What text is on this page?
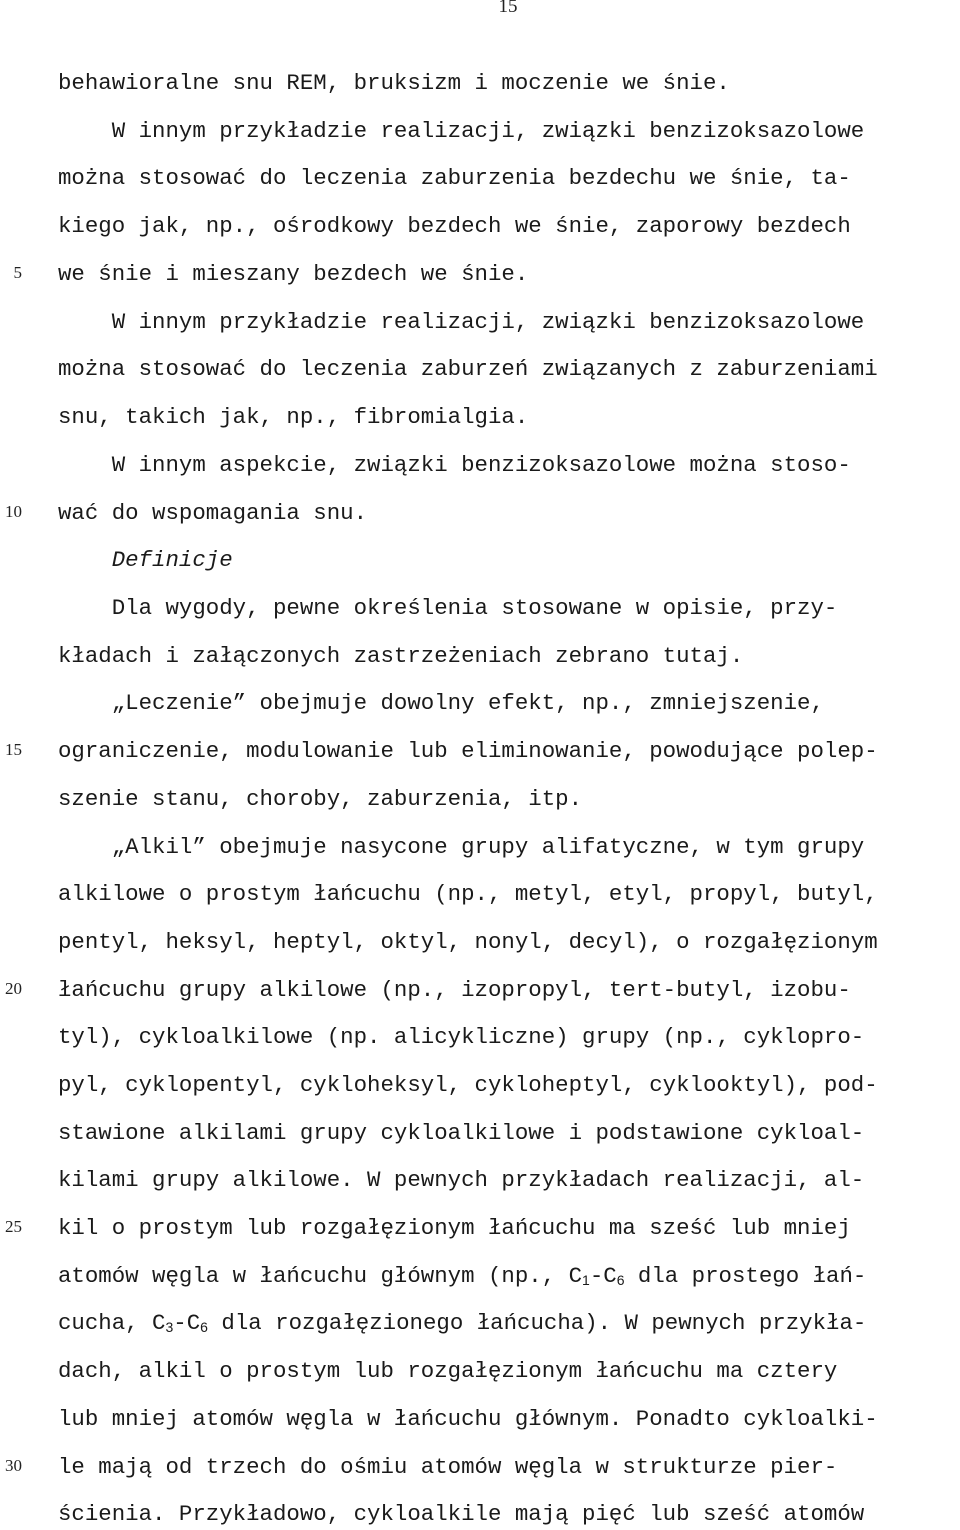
15
5
10
15
20
25
30
behawioralne snu REM, bruksizm i moczenie we śnie.
W innym przykładzie realizacji, związki benzizoksazolowe
można stosować do leczenia zaburzenia bezdechu we śnie, ta-
kiego jak, np., ośrodkowy bezdech we śnie, zaporowy bezdech
we śnie i mieszany bezdech we śnie.
W innym przykładzie realizacji, związki benzizoksazolowe
można stosować do leczenia zaburzeń związanych z zaburzeniami
snu, takich jak, np., fibromialgia.
W innym aspekcie, związki benzizoksazolowe można stoso-
wać do wspomagania snu.
Definicje
Dla wygody, pewne określenia stosowane w opisie, przy-
kładach i załączonych zastrzeżeniach zebrano tutaj.
„Leczenie” obejmuje dowolny efekt, np., zmniejszenie,
ograniczenie, modulowanie lub eliminowanie, powodujące polep-
szenie stanu, choroby, zaburzenia, itp.
„Alkil” obejmuje nasycone grupy alifatyczne, w tym grupy
alkilowe o prostym łańcuchu (np., metyl, etyl, propyl, butyl,
pentyl, heksyl, heptyl, oktyl, nonyl, decyl), o rozgałęzionym
łańcuchu grupy alkilowe (np., izopropyl, tert-butyl, izobu-
tyl), cykloalkilowe (np. alicykliczne) grupy (np., cyklopro-
pyl, cyklopentyl, cykloheksyl, cykloheptyl, cyklooktyl), pod-
stawione alkilami grupy cykloalkilowe i podstawione cykloal-
kilami grupy alkilowe. W pewnych przykładach realizacji, al-
kil o prostym lub rozgałęzionym łańcuchu ma sześć lub mniej
atomów węgla w łańcuchu głównym (np., $C_1-C_6$ dla prostego łań-
cucha, $C_3-C_6$ dla rozgałęzionego łańcucha). W pewnych przykła-
dach, alkil o prostym lub rozgałęzionym łańcuchu ma cztery
lub mniej atomów węgla w łańcuchu głównym. Ponadto cykloalki-
le mają od trzech do ośmiu atomów węgla w strukturze pier-
ścienia. Przykładowo, cykloalkile mają pięć lub sześć atomów
